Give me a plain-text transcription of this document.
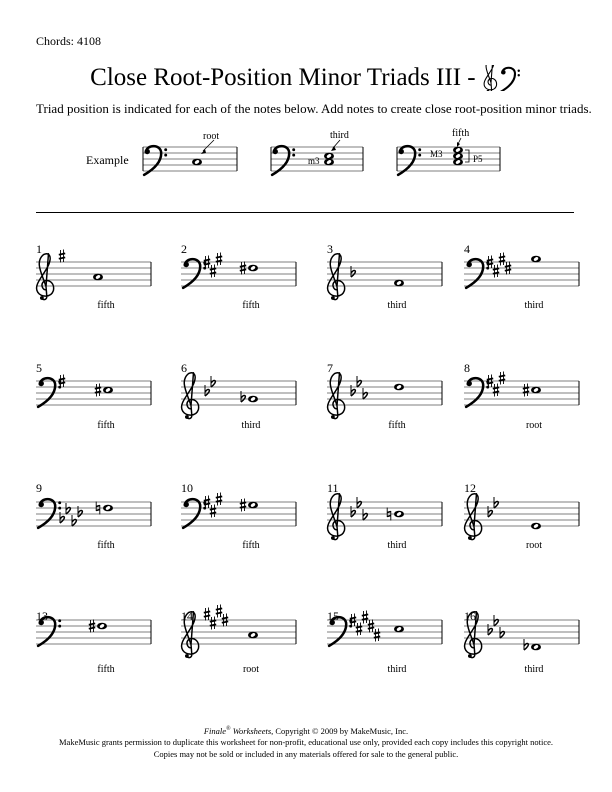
Chords: 4108
Close Root-Position Minor Triads III -
Triad position is indicated for each of the notes below. Add notes to create close root-position minor triads.
Example
root	third
m3
fifth
M3	P5
1
fifth
2
fifth
3
third
4
third
5
fifth
6
third
7
fifth
8
root
9
fifth
10
fifth
11
third
12
root
13
fifth
14
root
15
third
16
third
Finale® Worksheets, Copyright © 2009 by MakeMusic, Inc.
MakeMusic grants permission to duplicate this worksheet for non-profit, educational use only, provided each copy includes this copyright notice.
Copies may not be sold or included in any materials offered for sale to the general public.
